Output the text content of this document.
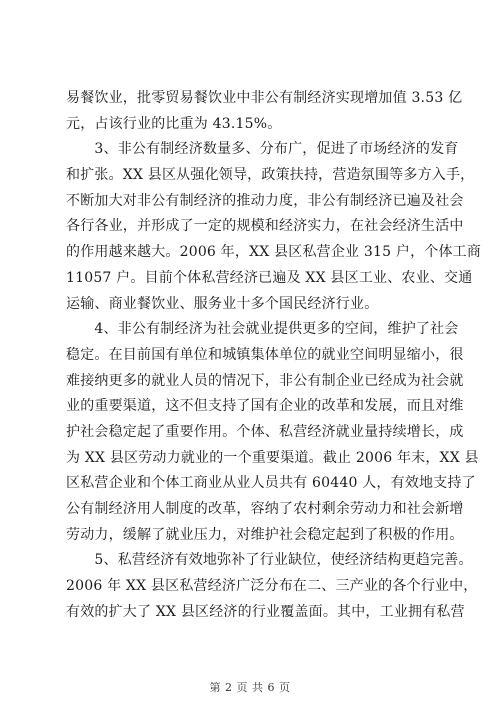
易餐饮业，批零贸易餐饮业中非公有制经济实现增加值 3.53 亿
元，占该行业的比重为 43.15%。
　　3、非公有制经济数量多、分布广，促进了市场经济的发育
和扩张。XX 县区从强化领导，政策扶持，营造氛围等多方入手，
不断加大对非公有制经济的推动力度，非公有制经济已遍及社会
各行各业，并形成了一定的规模和经济实力，在社会经济生活中
的作用越来越大。2006 年，XX 县区私营企业 315 户，个体工商
11057 户。目前个体私营经济已遍及 XX 县区工业、农业、交通
运输、商业餐饮业、服务业十多个国民经济行业。
　　4、非公有制经济为社会就业提供更多的空间，维护了社会
稳定。在目前国有单位和城镇集体单位的就业空间明显缩小，很
难接纳更多的就业人员的情况下，非公有制企业已经成为社会就
业的重要渠道，这不但支持了国有企业的改革和发展，而且对维
护社会稳定起了重要作用。个体、私营经济就业量持续增长，成
为 XX 县区劳动力就业的一个重要渠道。截止 2006 年末，XX 县
区私营企业和个体工商业从业人员共有 60440 人，有效地支持了
公有制经济用人制度的改革，容纳了农村剩余劳动力和社会新增
劳动力，缓解了就业压力，对维护社会稳定起到了积极的作用。
　　5、私营经济有效地弥补了行业缺位，使经济结构更趋完善。
2006 年 XX 县区私营经济广泛分布在二、三产业的各个行业中，
有效的扩大了 XX 县区经济的行业覆盖面。其中，工业拥有私营
第 2 页 共 6 页
